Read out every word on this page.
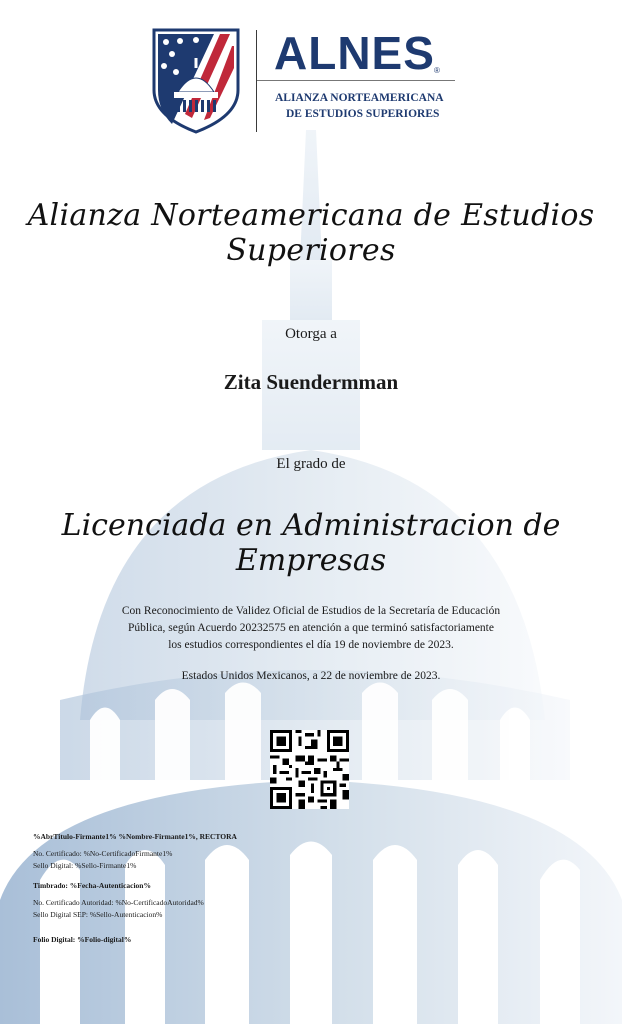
ALNES ®
ALIANZA NORTEAMERICANA
DE ESTUDIOS SUPERIORES
Alianza Norteamericana de Estudios Superiores
Otorga a
Zita Suendermman
El grado de
Licenciada en Administracion de Empresas
Con Reconocimiento de Validez Oficial de Estudios de la Secretaría de Educación
Pública, según Acuerdo 20232575 en atención a que terminó satisfactoriamente
los estudios correspondientes el día 19 de noviembre de 2023.
Estados Unidos Mexicanos, a 22 de noviembre de 2023.
%AbrTitulo-Firmante1% %Nombre-Firmante1%, RECTORA
No. Certificado: %No-CertificadoFirmante1%
Sello Digital: %Sello-Firmante1%
Timbrado: %Fecha-Autenticacion%
No. Certificado Autoridad: %No-CertificadoAutoridad%
Sello Digital SEP: %Sello-Autenticacion%
Folio Digital: %Folio-digital%
